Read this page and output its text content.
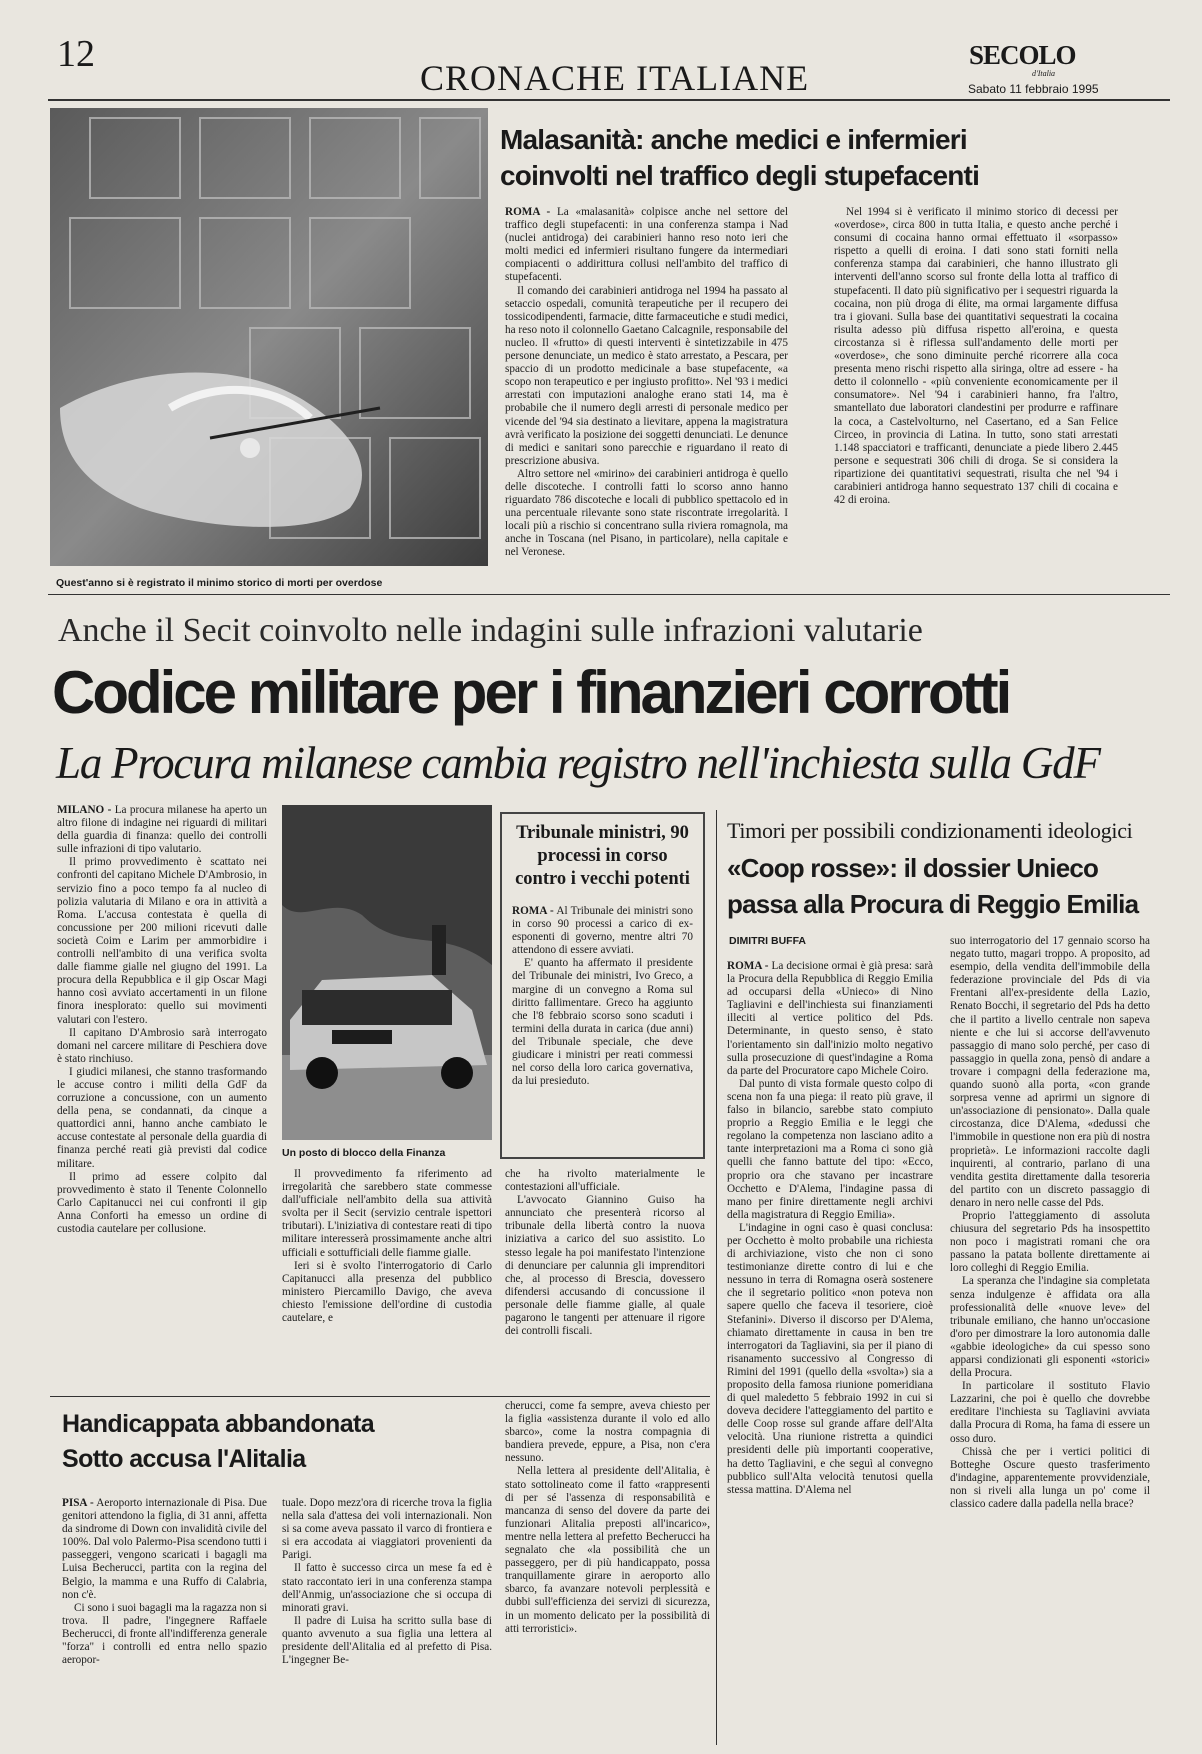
12
CRONACHE ITALIANE
SECOLO
d'Italia
Sabato 11 febbraio 1995
Quest'anno si è registrato il minimo storico di morti per overdose
Malasanità: anche medici e infermieri
coinvolti nel traffico degli stupefacenti

ROMA - La «malasanità» colpisce anche nel settore del traffico degli stupefacenti: in una conferenza stampa i Nad (nuclei antidroga) dei carabinieri hanno reso noto ieri che molti medici ed infermieri risultano fungere da intermediari compiacenti o addirittura collusi nell'ambito del traffico di stupefacenti.

Il comando dei carabinieri antidroga nel 1994 ha passato al setaccio ospedali, comunità terapeutiche per il recupero dei tossicodipendenti, farmacie, ditte farmaceutiche e studi medici, ha reso noto il colonnello Gaetano Calcagnile, responsabile del nucleo. Il «frutto» di questi interventi è sintetizzabile in 475 persone denunciate, un medico è stato arrestato, a Pescara, per spaccio di un prodotto medicinale a base stupefacente, «a scopo non terapeutico e per ingiusto profitto». Nel '93 i medici arrestati con imputazioni analoghe erano stati 14, ma è probabile che il numero degli arresti di personale medico per vicende del '94 sia destinato a lievitare, appena la magistratura avrà verificato la posizione dei soggetti denunciati. Le denunce di medici e sanitari sono parecchie e riguardano il reato di prescrizione abusiva.

Altro settore nel «mirino» dei carabinieri antidroga è quello delle discoteche. I controlli fatti lo scorso anno hanno riguardato 786 discoteche e locali di pubblico spettacolo ed in una percentuale rilevante sono state riscontrate irregolarità. I locali più a rischio si concentrano sulla riviera romagnola, ma anche in Toscana (nel Pisano, in particolare), nella capitale e nel Veronese.

Nel 1994 si è verificato il minimo storico di decessi per «overdose», circa 800 in tutta Italia, e questo anche perché i consumi di cocaina hanno ormai effettuato il «sorpasso» rispetto a quelli di eroina. I dati sono stati forniti nella conferenza stampa dai carabinieri, che hanno illustrato gli interventi dell'anno scorso sul fronte della lotta al traffico di stupefacenti. Il dato più significativo per i sequestri riguarda la cocaina, non più droga di élite, ma ormai largamente diffusa tra i giovani. Sulla base dei quantitativi sequestrati la cocaina risulta adesso più diffusa rispetto all'eroina, e questa circostanza si è riflessa sull'andamento delle morti per «overdose», che sono diminuite perché ricorrere alla coca presenta meno rischi rispetto alla siringa, oltre ad essere - ha detto il colonnello - «più conveniente economicamente per il consumatore». Nel '94 i carabinieri hanno, fra l'altro, smantellato due laboratori clandestini per produrre e raffinare la coca, a Castelvolturno, nel Casertano, ed a San Felice Circeo, in provincia di Latina. In tutto, sono stati arrestati 1.148 spacciatori e trafficanti, denunciate a piede libero 2.445 persone e sequestrati 306 chili di droga. Se si considera la ripartizione dei quantitativi sequestrati, risulta che nel '94 i carabinieri antidroga hanno sequestrato 137 chili di cocaina e 42 di eroina.

Anche il Secit coinvolto nelle indagini sulle infrazioni valutarie
Codice militare per i finanzieri corrotti
La Procura milanese cambia registro nell'inchiesta sulla GdF

MILANO - La procura milanese ha aperto un altro filone di indagine nei riguardi di militari della guardia di finanza: quello dei controlli sulle infrazioni di tipo valutario.

Il primo provvedimento è scattato nei confronti del capitano Michele D'Ambrosio, in servizio fino a poco tempo fa al nucleo di polizia valutaria di Milano e ora in attività a Roma. L'accusa contestata è quella di concussione per 200 milioni ricevuti dalle società Coim e Larim per ammorbidire i controlli nell'ambito di una verifica svolta dalle fiamme gialle nel giugno del 1991. La procura della Repubblica e il gip Oscar Magi hanno così avviato accertamenti in un filone finora inesplorato: quello sui movimenti valutari con l'estero.

Il capitano D'Ambrosio sarà interrogato domani nel carcere militare di Peschiera dove è stato rinchiuso.

I giudici milanesi, che stanno trasformando le accuse contro i militi della GdF da corruzione a concussione, con un aumento della pena, se condannati, da cinque a quattordici anni, hanno anche cambiato le accuse contestate al personale della guardia di finanza perché reati già previsti dal codice militare.

Il primo ad essere colpito dal provvedimento è stato il Tenente Colonnello Carlo Capitanucci nei cui confronti il gip Anna Conforti ha emesso un ordine di custodia cautelare per collusione.

Un posto di blocco della Finanza
Tribunale ministri, 90 processi in corso contro i vecchi potenti

ROMA - Al Tribunale dei ministri sono in corso 90 processi a carico di ex-esponenti di governo, mentre altri 70 attendono di essere avviati.

E' quanto ha affermato il presidente del Tribunale dei ministri, Ivo Greco, a margine di un convegno a Roma sul diritto fallimentare. Greco ha aggiunto che l'8 febbraio scorso sono scaduti i termini della durata in carica (due anni) del Tribunale speciale, che deve giudicare i ministri per reati commessi nel corso della loro carica governativa, da lui presieduto.

Il provvedimento fa riferimento ad irregolarità che sarebbero state commesse dall'ufficiale nell'ambito della sua attività svolta per il Secit (servizio centrale ispettori tributari). L'iniziativa di contestare reati di tipo militare interesserà prossimamente anche altri ufficiali e sottufficiali delle fiamme gialle.

Ieri si è svolto l'interrogatorio di Carlo Capitanucci alla presenza del pubblico ministero Piercamillo Davigo, che aveva chiesto l'emissione dell'ordine di custodia cautelare, e

che ha rivolto materialmente le contestazioni all'ufficiale.

L'avvocato Giannino Guiso ha annunciato che presenterà ricorso al tribunale della libertà contro la nuova iniziativa a carico del suo assistito. Lo stesso legale ha poi manifestato l'intenzione di denunciare per calunnia gli imprenditori che, al processo di Brescia, dovessero difendersi accusando di concussione il personale delle fiamme gialle, al quale pagarono le tangenti per attenuare il rigore dei controlli fiscali.

Timori per possibili condizionamenti ideologici
«Coop rosse»: il dossier Unieco
passa alla Procura di Reggio Emilia
DIMITRI BUFFA

ROMA - La decisione ormai è già presa: sarà la Procura della Repubblica di Reggio Emilia ad occuparsi della «Unieco» di Nino Tagliavini e dell'inchiesta sui finanziamenti illeciti al vertice politico del Pds. Determinante, in questo senso, è stato l'orientamento sin dall'inizio molto negativo sulla prosecuzione di quest'indagine a Roma da parte del Procuratore capo Michele Coiro.

Dal punto di vista formale questo colpo di scena non fa una piega: il reato più grave, il falso in bilancio, sarebbe stato compiuto proprio a Reggio Emilia e le leggi che regolano la competenza non lasciano adito a tante interpretazioni ma a Roma ci sono già quelli che fanno battute del tipo: «Ecco, proprio ora che stavano per incastrare Occhetto e D'Alema, l'indagine passa di mano per finire direttamente negli archivi della magistratura di Reggio Emilia».

L'indagine in ogni caso è quasi conclusa: per Occhetto è molto probabile una richiesta di archiviazione, visto che non ci sono testimonianze dirette contro di lui e che nessuno in terra di Romagna oserà sostenere che il segretario politico «non poteva non sapere quello che faceva il tesoriere, cioè Stefanini». Diverso il discorso per D'Alema, chiamato direttamente in causa in ben tre interrogatori da Tagliavini, sia per il piano di risanamento successivo al Congresso di Rimini del 1991 (quello della «svolta») sia a proposito della famosa riunione pomeridiana di quel maledetto 5 febbraio 1992 in cui si doveva decidere l'atteggiamento del partito e delle Coop rosse sul grande affare dell'Alta velocità. Una riunione ristretta a quindici presidenti delle più importanti cooperative, ha detto Tagliavini, e che seguì al convegno pubblico sull'Alta velocità tenutosi quella stessa mattina. D'Alema nel

suo interrogatorio del 17 gennaio scorso ha negato tutto, magari troppo. A proposito, ad esempio, della vendita dell'immobile della federazione provinciale del Pds di via Frentani all'ex-presidente della Lazio, Renato Bocchi, il segretario del Pds ha detto che il partito a livello centrale non sapeva niente e che lui si accorse dell'avvenuto passaggio di mano solo perché, per caso di passaggio in quella zona, pensò di andare a trovare i compagni della federazione ma, quando suonò alla porta, «con grande sorpresa venne ad aprirmi un signore di un'associazione di pensionato». Dalla quale circostanza, dice D'Alema, «dedussi che l'immobile in questione non era più di nostra proprietà». Le informazioni raccolte dagli inquirenti, al contrario, parlano di una vendita gestita direttamente dalla tesoreria del partito con un discreto passaggio di denaro in nero nelle casse del Pds.

Proprio l'atteggiamento di assoluta chiusura del segretario Pds ha insospettito non poco i magistrati romani che ora passano la patata bollente direttamente ai loro colleghi di Reggio Emilia.

La speranza che l'indagine sia completata senza indulgenze è affidata ora alla professionalità delle «nuove leve» del tribunale emiliano, che hanno un'occasione d'oro per dimostrare la loro autonomia dalle «gabbie ideologiche» da cui spesso sono apparsi condizionati gli esponenti «storici» della Procura.

In particolare il sostituto Flavio Lazzarini, che poi è quello che dovrebbe ereditare l'inchiesta su Tagliavini avviata dalla Procura di Roma, ha fama di essere un osso duro.

Chissà che per i vertici politici di Botteghe Oscure questo trasferimento d'indagine, apparentemente provvidenziale, non si riveli alla lunga un po' come il classico cadere dalla padella nella brace?

Handicappata abbandonata
Sotto accusa l'Alitalia

PISA - Aeroporto internazionale di Pisa. Due genitori attendono la figlia, di 31 anni, affetta da sindrome di Down con invalidità civile del 100%. Dal volo Palermo-Pisa scendono tutti i passeggeri, vengono scaricati i bagagli ma Luisa Becherucci, partita con la regina del Belgio, la mamma e una Ruffo di Calabria, non c'è.

Ci sono i suoi bagagli ma la ragazza non si trova. Il padre, l'ingegnere Raffaele Becherucci, di fronte all'indifferenza generale "forza" i controlli ed entra nello spazio aeropor-

tuale. Dopo mezz'ora di ricerche trova la figlia nella sala d'attesa dei voli internazionali. Non si sa come aveva passato il varco di frontiera e si era accodata ai viaggiatori provenienti da Parigi.

Il fatto è successo circa un mese fa ed è stato raccontato ieri in una conferenza stampa dell'Anmig, un'associazione che si occupa di minorati gravi.

Il padre di Luisa ha scritto sulla base di quanto avvenuto a sua figlia una lettera al presidente dell'Alitalia ed al prefetto di Pisa. L'ingegner Be-

cherucci, come fa sempre, aveva chiesto per la figlia «assistenza durante il volo ed allo sbarco», come la nostra compagnia di bandiera prevede, eppure, a Pisa, non c'era nessuno.

Nella lettera al presidente dell'Alitalia, è stato sottolineato come il fatto «rappresenti di per sé l'assenza di responsabilità e mancanza di senso del dovere da parte dei funzionari Alitalia preposti all'incarico», mentre nella lettera al prefetto Becherucci ha segnalato che «la possibilità che un passeggero, per di più handicappato, possa tranquillamente girare in aeroporto allo sbarco, fa avanzare notevoli perplessità e dubbi sull'efficienza dei servizi di sicurezza, in un momento delicato per la possibilità di atti terroristici».
